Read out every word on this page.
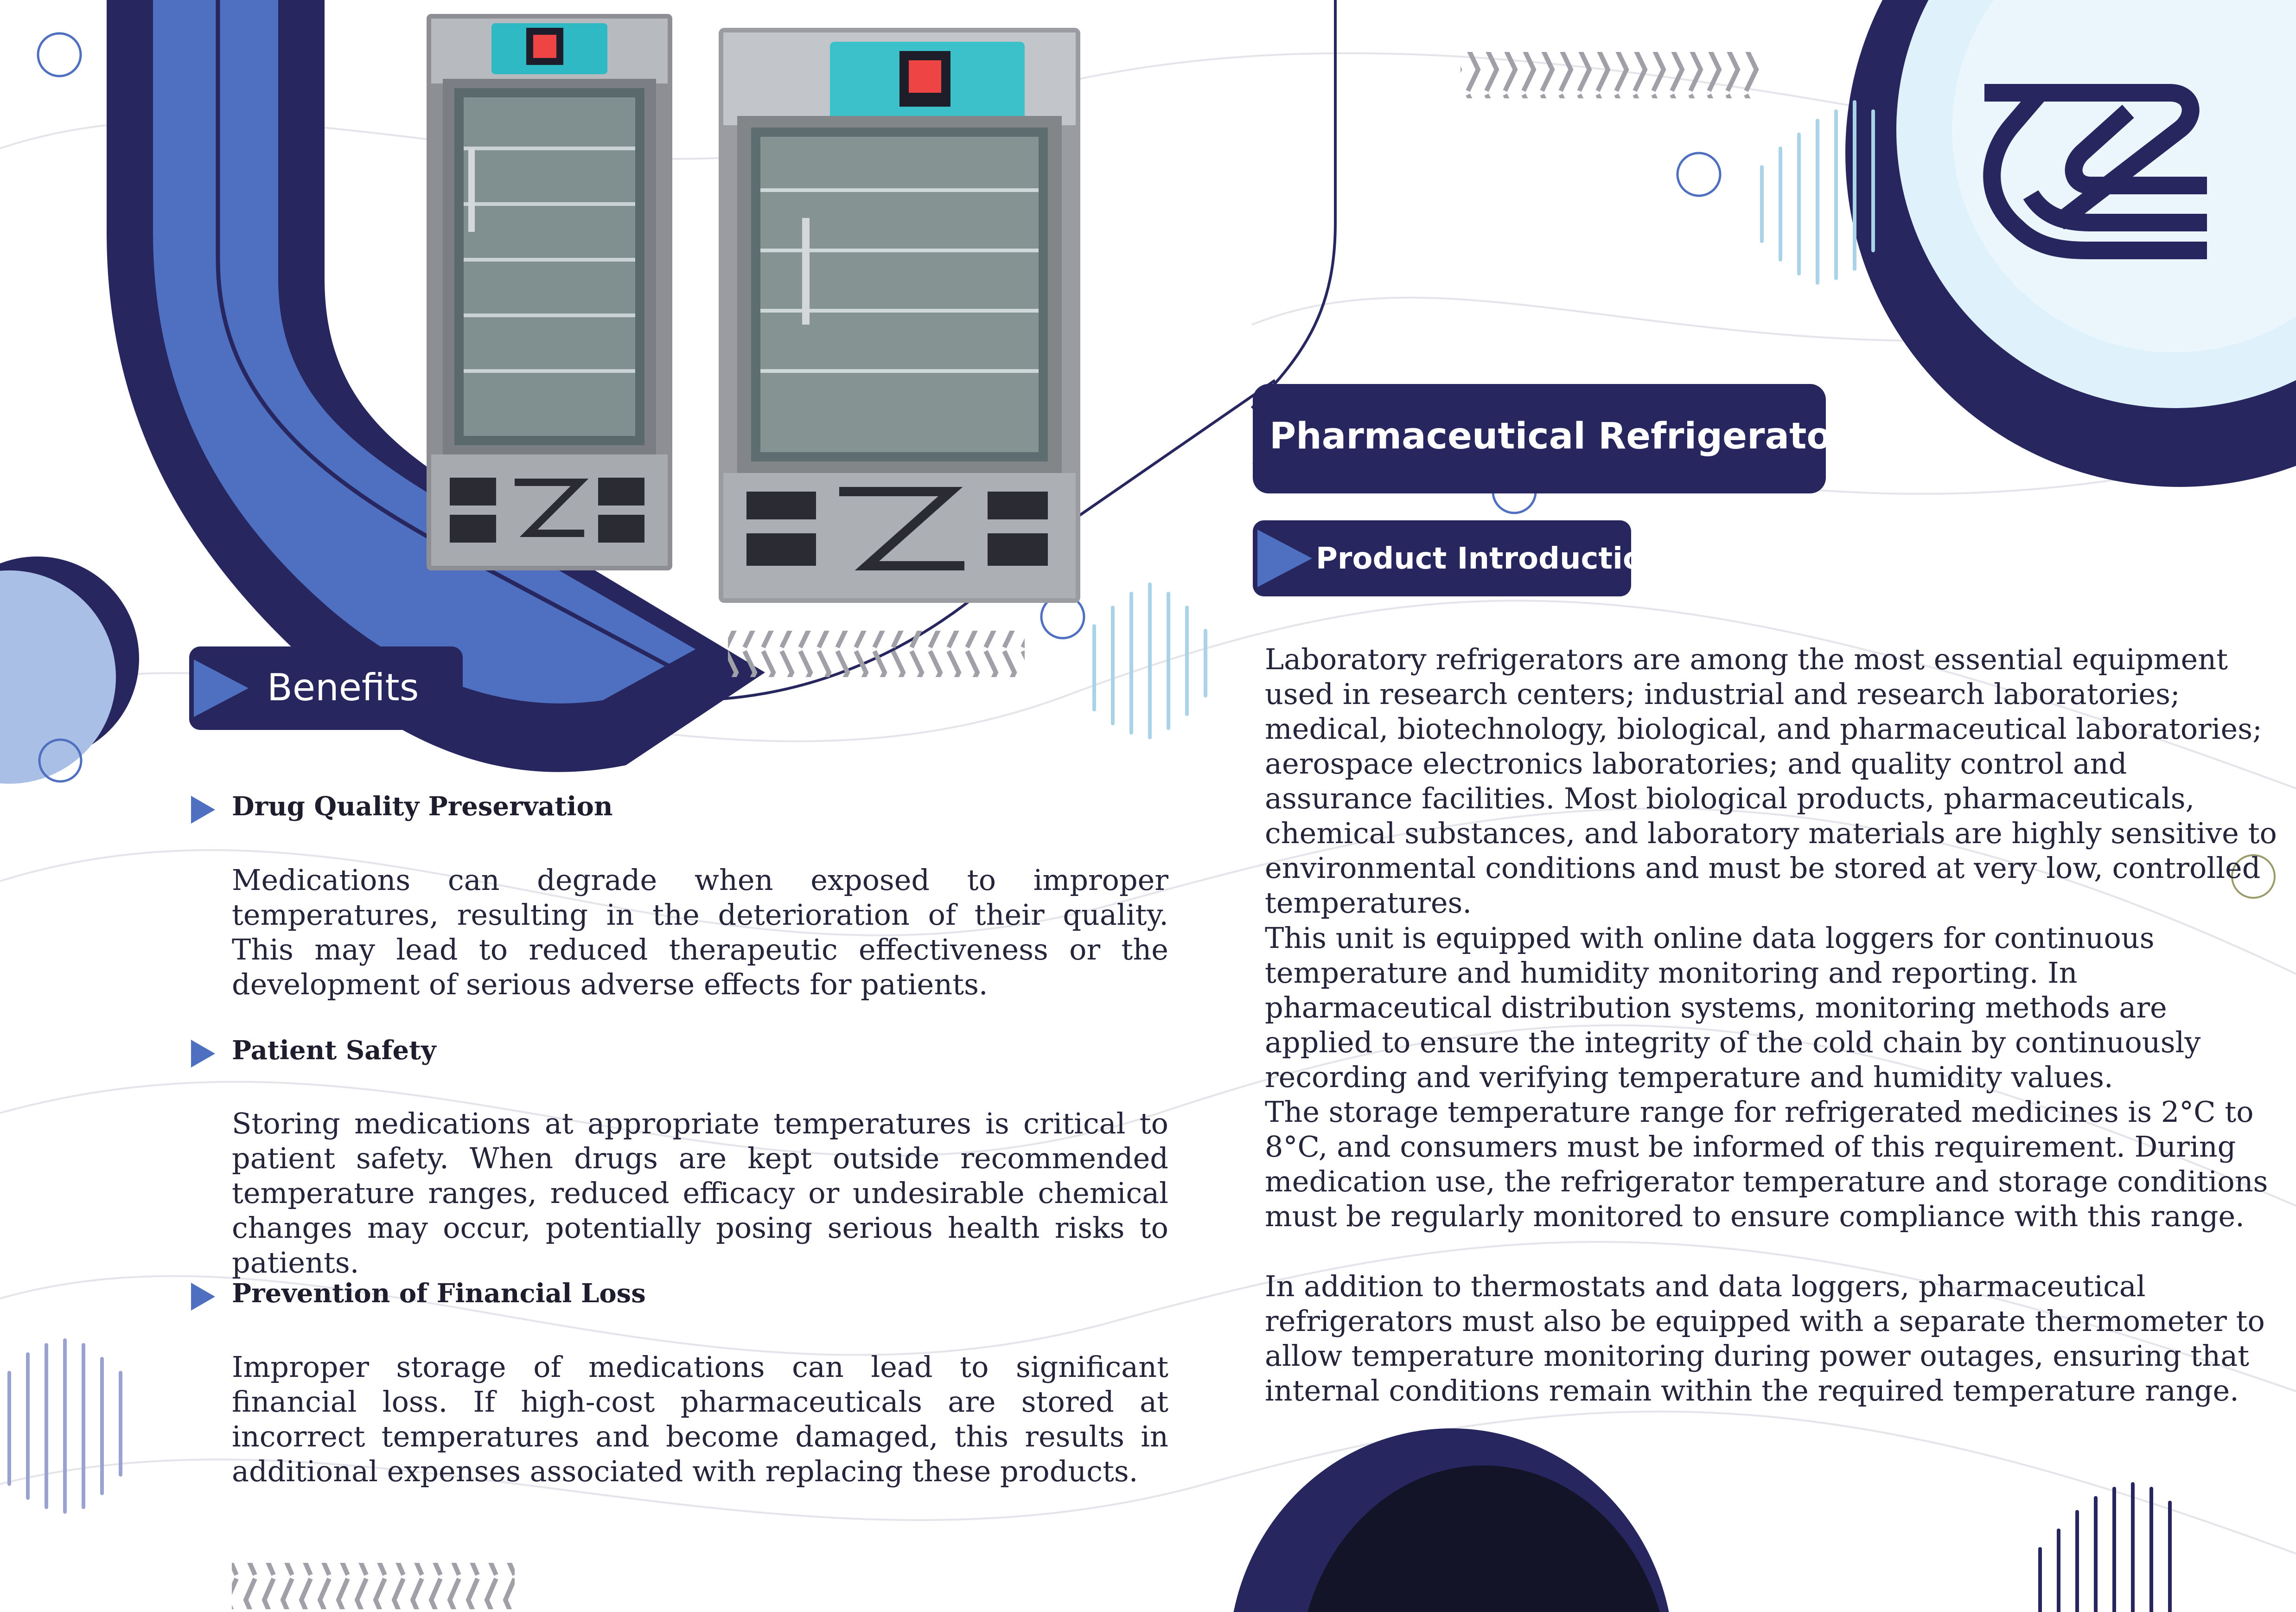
Pharmaceutical Refrigerator
Product Introduction
Benefits
Drug Quality Preservation
Medications can degrade when exposed to improper temperatures, resulting in the deterioration of their quality. This may lead to reduced therapeutic effectiveness or the development of serious adverse effects for patients.
Patient Safety
Storing medications at appropriate temperatures is critical to patient safety. When drugs are kept outside recommended temperature ranges, reduced efficacy or undesirable chemical changes may occur, potentially posing serious health risks to patients.
Prevention of Financial Loss
Improper storage of medications can lead to significant financial loss. If high-cost pharmaceuticals are stored at incorrect temperatures and become damaged, this results in additional expenses associated with replacing these products.
Laboratory refrigerators are among the most essential equipment used in research centers; industrial and research laboratories; medical, biotechnology, biological, and pharmaceutical laboratories; aerospace electronics laboratories; and quality control and assurance facilities. Most biological products, pharmaceuticals, chemical substances, and laboratory materials are highly sensitive to environmental conditions and must be stored at very low, controlled temperatures.
This unit is equipped with online data loggers for continuous temperature and humidity monitoring and reporting. In pharmaceutical distribution systems, monitoring methods are applied to ensure the integrity of the cold chain by continuously recording and verifying temperature and humidity values.
The storage temperature range for refrigerated medicines is 2°C to 8°C, and consumers must be informed of this requirement. During medication use, the refrigerator temperature and storage conditions must be regularly monitored to ensure compliance with this range.
In addition to thermostats and data loggers, pharmaceutical refrigerators must also be equipped with a separate thermometer to allow temperature monitoring during power outages, ensuring that internal conditions remain within the required temperature range.
